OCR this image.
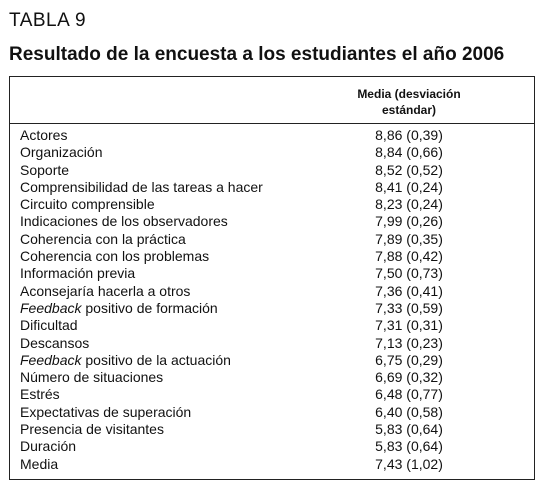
TABLA 9
Resultado de la encuesta a los estudiantes el año 2006
Media (desviación estándar)
Actores	8,86 (0,39)
Organización	8,84 (0,66)
Soporte	8,52 (0,52)
Comprensibilidad de las tareas a hacer	8,41 (0,24)
Circuito comprensible	8,23 (0,24)
Indicaciones de los observadores	7,99 (0,26)
Coherencia con la práctica	7,89 (0,35)
Coherencia con los problemas	7,88 (0,42)
Información previa	7,50 (0,73)
Aconsejaría hacerla a otros	7,36 (0,41)
Feedback positivo de formación	7,33 (0,59)
Dificultad	7,31 (0,31)
Descansos	7,13 (0,23)
Feedback positivo de la actuación	6,75 (0,29)
Número de situaciones	6,69 (0,32)
Estrés	6,48 (0,77)
Expectativas de superación	6,40 (0,58)
Presencia de visitantes	5,83 (0,64)
Duración	5,83 (0,64)
Media	7,43 (1,02)
